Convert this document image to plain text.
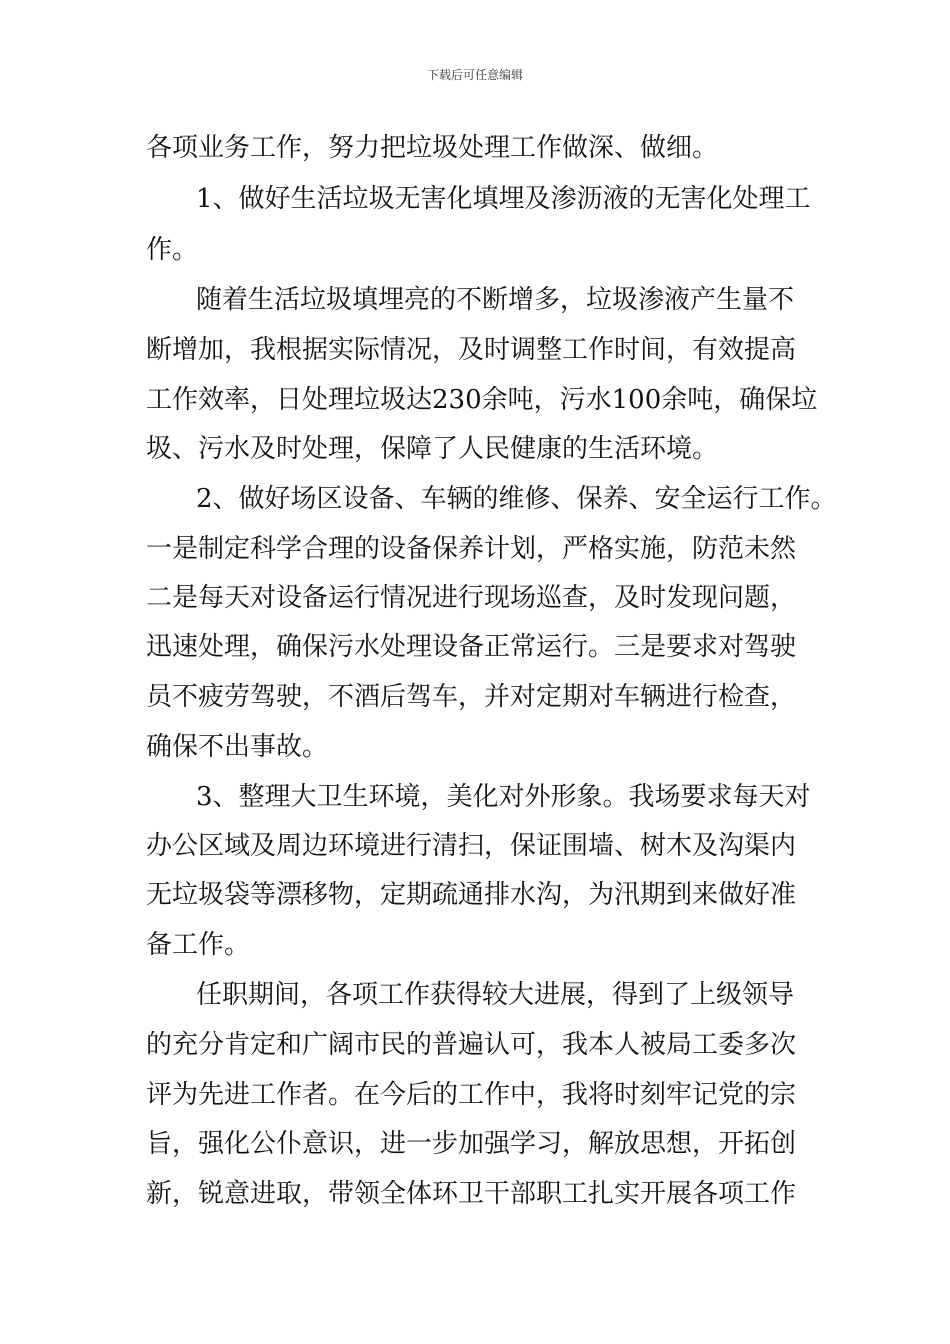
下载后可任意编辑
各项业务工作，努力把垃圾处理工作做深、做细。
1、做好生活垃圾无害化填埋及渗沥液的无害化处理工
作。
随着生活垃圾填埋亮的不断增多，垃圾渗液产生量不
断增加，我根据实际情况，及时调整工作时间，有效提高
工作效率，日处理垃圾达230余吨，污水100余吨，确保垃
圾、污水及时处理，保障了人民健康的生活环境。
2、做好场区设备、车辆的维修、保养、安全运行工作。
一是制定科学合理的设备保养计划，严格实施，防范未然
二是每天对设备运行情况进行现场巡查，及时发现问题，
迅速处理，确保污水处理设备正常运行。三是要求对驾驶
员不疲劳驾驶，不酒后驾车，并对定期对车辆进行检查，
确保不出事故。
3、整理大卫生环境，美化对外形象。我场要求每天对
办公区域及周边环境进行清扫，保证围墙、树木及沟渠内
无垃圾袋等漂移物，定期疏通排水沟，为汛期到来做好准
备工作。
任职期间，各项工作获得较大进展，得到了上级领导
的充分肯定和广阔市民的普遍认可，我本人被局工委多次
评为先进工作者。在今后的工作中，我将时刻牢记党的宗
旨，强化公仆意识，进一步加强学习，解放思想，开拓创
新，锐意进取，带领全体环卫干部职工扎实开展各项工作
